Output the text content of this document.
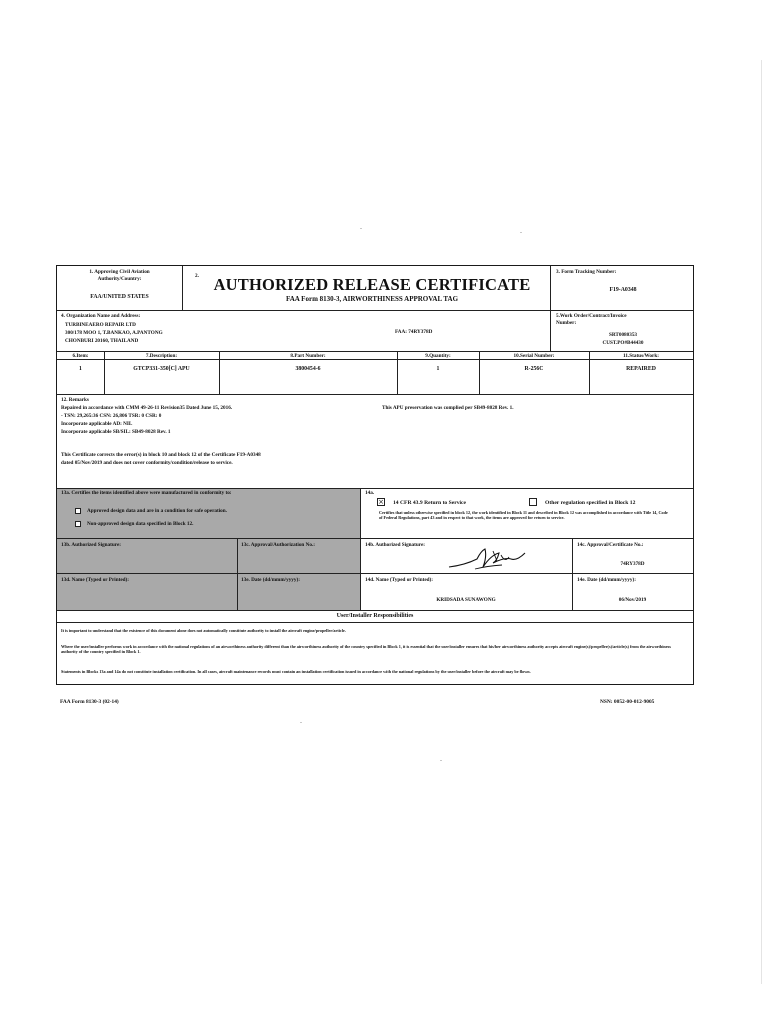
1. Approving Civil Aviation
Authority/Country:
FAA/UNITED STATES
2. AUTHORIZED RELEASE CERTIFICATE
FAA Form 8130-3, AIRWORTHINESS APPROVAL TAG
3. Form Tracking Number:
F19-A0348
4. Organization Name and Address:
TURBINEAERO REPAIR LTD
300/178 MOO 1, T.BANKAO, A.PANTONG
CHONBURI 20160, THAILAND
FAA: 74RY378D
5.Work Order/Contract/Invoice
Number:
SRT0080353
CUST.PO#B44430
6.Item:	7.Description:	8.Part Number:	9.Quantity:	10.Serial Number:	11.Status/Work:
1	GTCP331-350[C] APU	3800454-6	1	R-256C	REPAIRED
12. Remarks
Repaired in accordance with CMM 49-26-11 Revision35 Dated June 15, 2016.
- TSN: 29,265:36 CSN: 26,806 TSR: 0 CSR: 0
Incorporate applicable AD: NIL
Incorporate applicable SB/SIL: SB49-8028 Rev. 1
This APU preservation was complied per SB49-8028 Rev. 1.
This Certificate corrects the error(s) in block 10 and block 12 of the Certificate F19-A0348
dated 05/Nov/2019 and does not cover conformity/condition/release to service.
13a. Certifies the items identified above were manufactured in conformity to:
Approved design data and are in a condition for safe operation.
Non-approved design data specified in Block 12.
14a.
× 14 CFR 43.9 Return to Service	Other regulation specified in Block 12
Certifies that unless otherwise specified in block 12, the work identified in Block 11 and described in Block 12 was accomplished in accordance with Title 14, Code of Federal Regulations, part 43 and in respect to that work, the items are approved for return to service.
13b. Authorized Signature:	13c. Approval/Authorization No.:	14b. Authorized Signature:	14c. Approval/Certificate No.:
74RY378D
13d. Name (Typed or Printed):	13e. Date (dd/mmm/yyyy):	14d. Name (Typed or Printed):
KRIDSADA SUNAWONG
14e. Date (dd/mmm/yyyy):
06/Nov/2019
User/Installer Responsibilities
It is important to understand that the existence of this document alone does not automatically constitute authority to install the aircraft engine/propeller/article.
Where the user/installer performs work in accordance with the national regulations of an airworthiness authority different than the airworthiness authority of the country specified in Block 1, it is essential that the user/installer ensures that his/her airworthiness authority accepts aircraft engine(s)/propeller(s)/article(s) from the airworthiness authority of the country specified in Block 1.
Statements in Blocks 13a and 14a do not constitute installation certification. In all cases, aircraft maintenance records must contain an installation certification issued in accordance with the national regulations by the user/installer before the aircraft may be flown.
FAA Form 8130-3 (02-14)	NSN: 0052-00-012-9005
